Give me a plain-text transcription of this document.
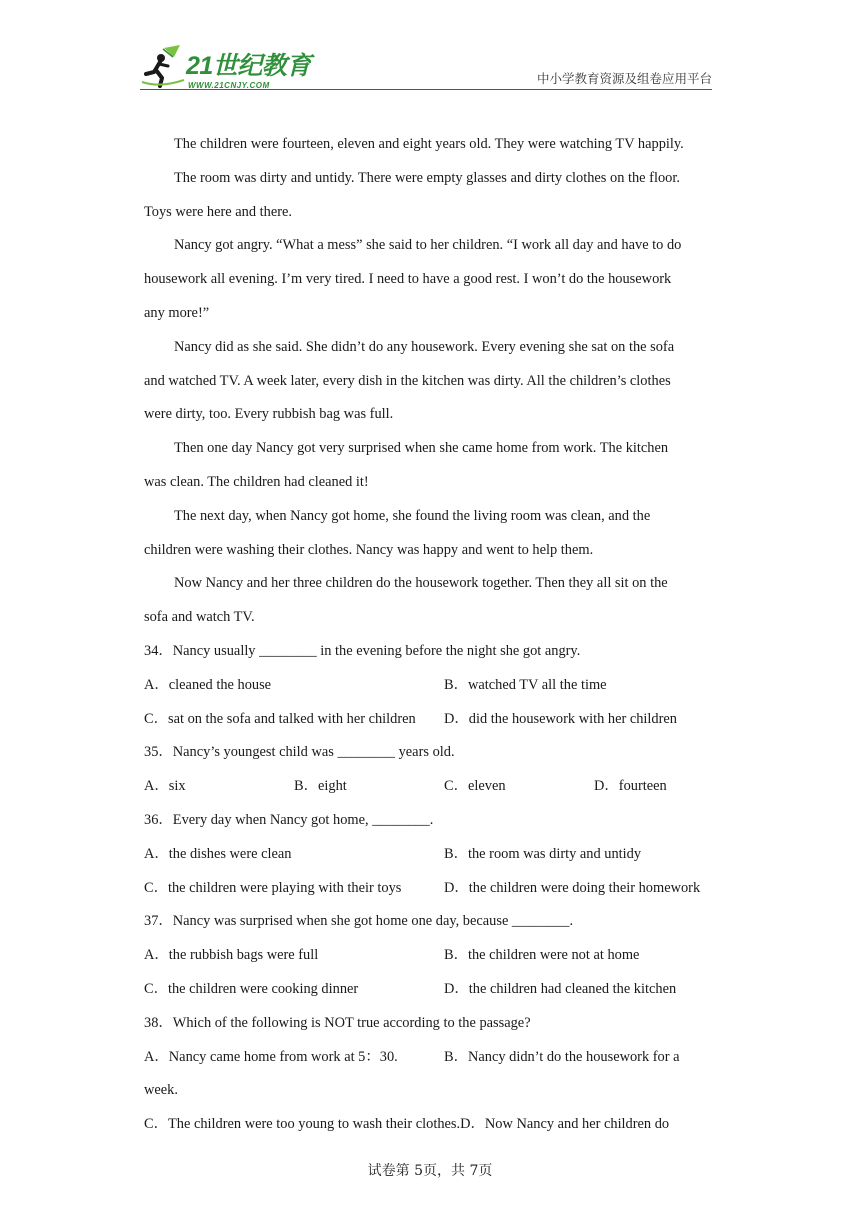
21世纪教育
WWW.21CNJY.COM	中小学教育资源及组卷应用平台
The children were fourteen, eleven and eight years old. They were watching TV happily.
The room was dirty and untidy. There were empty glasses and dirty clothes on the floor.
Toys were here and there.
Nancy got angry. “What a mess” she said to her children. “I work all day and have to do
housework all evening. I’m very tired. I need to have a good rest. I won’t do the housework
any more!”
Nancy did as she said. She didn’t do any housework. Every evening she sat on the sofa
and watched TV. A week later, every dish in the kitchen was dirty. All the children’s clothes
were dirty, too. Every rubbish bag was full.
Then one day Nancy got very surprised when she came home from work. The kitchen
was clean. The children had cleaned it!
The next day, when Nancy got home, she found the living room was clean, and the
children were washing their clothes. Nancy was happy and went to help them.
Now Nancy and her three children do the housework together. Then they all sit on the
sofa and watch TV.
34．Nancy usually ________ in the evening before the night she got angry.
A．cleaned the house	B．watched TV all the time
C．sat on the sofa and talked with her children D．did the housework with her children
35．Nancy’s youngest child was ________ years old.
A．six	B．eight	C．eleven	D．fourteen
36．Every day when Nancy got home, ________.
A．the dishes were clean	B．the room was dirty and untidy
C．the children were playing with their toys	D．the children were doing their homework
37．Nancy was surprised when she got home one day, because ________.
A．the rubbish bags were full	B．the children were not at home
C．the children were cooking dinner	D．the children had cleaned the kitchen
38．Which of the following is NOT true according to the passage?
A．Nancy came home from work at 5：30.	B．Nancy didn’t do the housework for a
week.
C．The children were too young to wash their clothes.D．Now Nancy and her children do
试卷第 5页，共 7页
